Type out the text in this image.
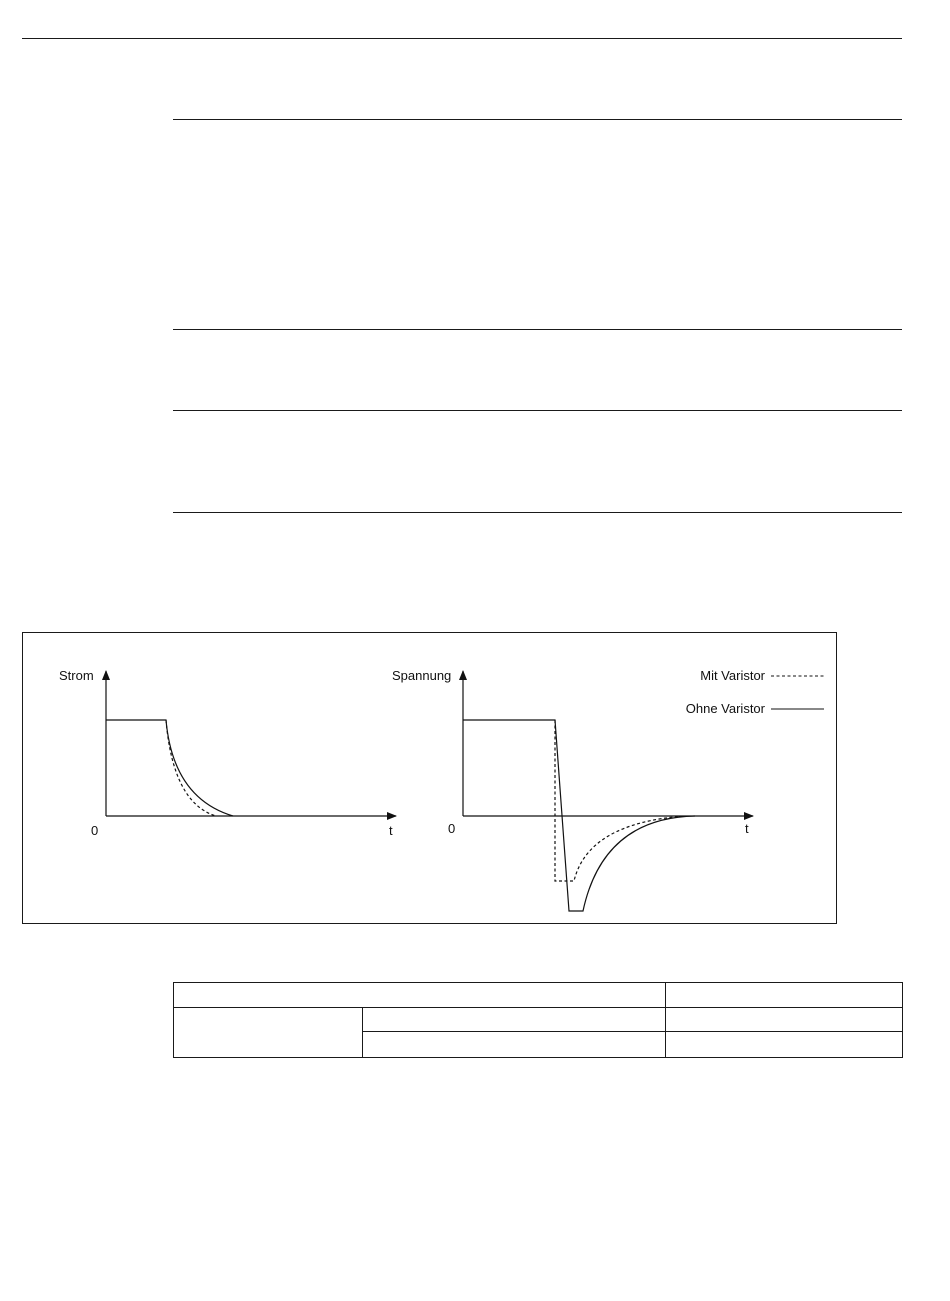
Strom
0	t
Spannung
0	t
Mit Varistor
Ohne Varistor
